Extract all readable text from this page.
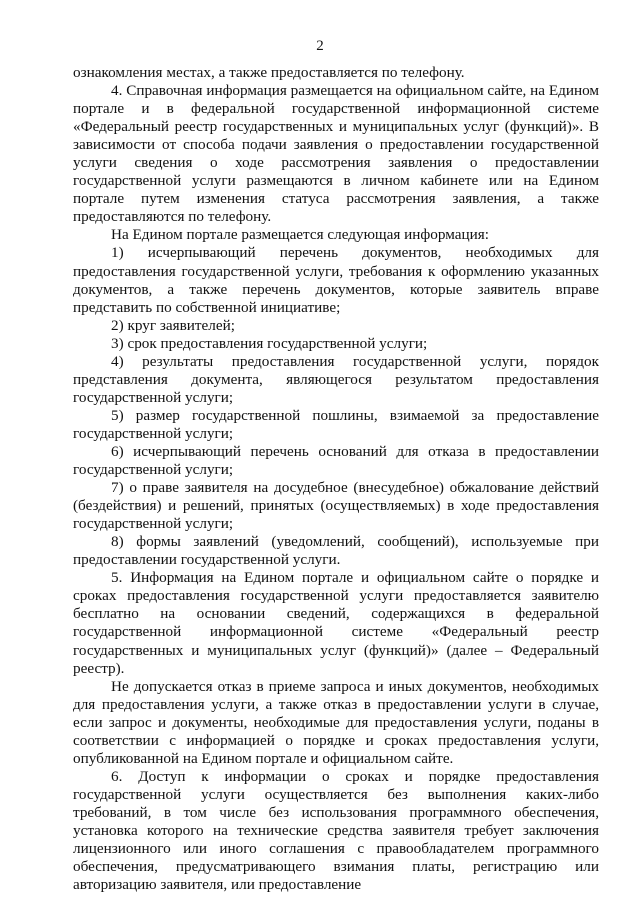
2

ознакомления местах, а также предоставляется по телефону.

4. Справочная информация размещается на официальном сайте, на Едином портале и в федеральной государственной информационной системе «Федеральный реестр государственных и муниципальных услуг (функций)». В зависимости от способа подачи заявления о предоставлении государственной услуги сведения о ходе рассмотрения заявления о предоставлении государственной услуги размещаются в личном кабинете или на Едином портале путем изменения статуса рассмотрения заявления, а также предоставляются по телефону.

На Едином портале размещается следующая информация:

1) исчерпывающий перечень документов, необходимых для предоставления государственной услуги, требования к оформлению указанных документов, а также перечень документов, которые заявитель вправе представить по собственной инициативе;

2) круг заявителей;

3) срок предоставления государственной услуги;

4) результаты предоставления государственной услуги, порядок представления документа, являющегося результатом предоставления государственной услуги;

5) размер государственной пошлины, взимаемой за предоставление государственной услуги;

6) исчерпывающий перечень оснований для отказа в предоставлении государственной услуги;

7) о праве заявителя на досудебное (внесудебное) обжалование действий (бездействия) и решений, принятых (осуществляемых) в ходе предоставления государственной услуги;

8) формы заявлений (уведомлений, сообщений), используемые при предоставлении государственной услуги.

5. Информация на Едином портале и официальном сайте о порядке и сроках предоставления государственной услуги предоставляется заявителю бесплатно на основании сведений, содержащихся в федеральной государственной информационной системе «Федеральный реестр государственных и муниципальных услуг (функций)» (далее – Федеральный реестр).

Не допускается отказ в приеме запроса и иных документов, необходимых для предоставления услуги, а также отказ в предоставлении услуги в случае, если запрос и документы, необходимые для предоставления услуги, поданы в соответствии с информацией о порядке и сроках предоставления услуги, опубликованной на Едином портале и официальном сайте.

6. Доступ к информации о сроках и порядке предоставления государственной услуги осуществляется без выполнения каких-либо требований, в том числе без использования программного обеспечения, установка которого на технические средства заявителя требует заключения лицензионного или иного соглашения с правообладателем программного обеспечения, предусматривающего взимания платы, регистрацию или авторизацию заявителя, или предоставление
